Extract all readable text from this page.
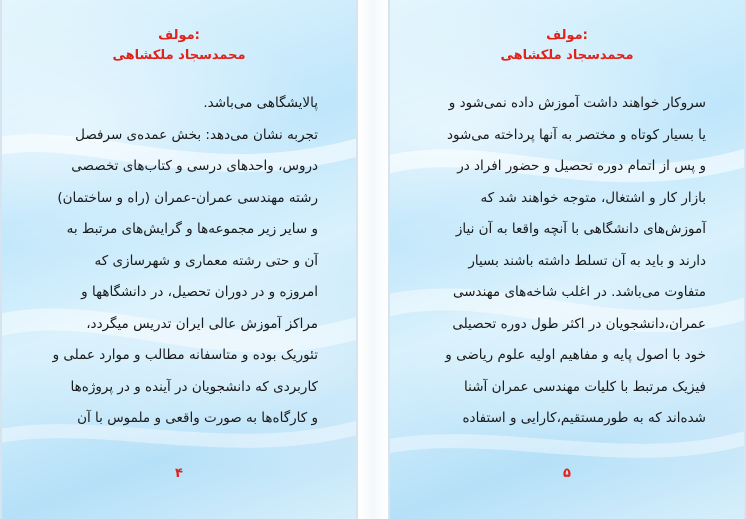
مولف:
محمدسجاد ملکشاهی

پالایشگاهی می‌باشد.

تجربه نشان می‌دهد: بخش عمده‌ی سرفصل

دروس، واحدهای درسی و کتاب‌های تخصصی

رشته مهندسی عمران-عمران (راه و ساختمان)

و سایر زیر مجموعه‌ها و گرایش‌های مرتبط به

آن و حتی رشته معماری و شهرسازی که

امروزه و در دوران تحصیل، در دانشگاهها و

مراکز آموزش عالی ایران تدریس میگردد،

تئوریک بوده و متاسفانه مطالب و موارد عملی و

کاربردی که دانشجویان در آینده و در پروژه‌ها

و کارگاه‌ها به صورت واقعی و ملموس با آن

۴
مولف:
محمدسجاد ملکشاهی

سروکار خواهند داشت آموزش داده نمی‌شود و

یا بسیار کوتاه و مختصر به آنها پرداخته می‌شود

و پس از اتمام دوره تحصیل و حضور افراد در

بازار کار و اشتغال، متوجه خواهند شد که

آموزش‌های دانشگاهی با آنچه واقعا به آن نیاز

دارند و باید به آن تسلط داشته باشند بسیار

متفاوت می‌باشد. در اغلب شاخه‌های مهندسی

عمران،دانشجویان در اکثر طول دوره تحصیلی

خود با اصول پایه و مفاهیم اولیه علوم ریاضی و

فیزیک مرتبط با کلیات مهندسی عمران آشنا

شده‌اند که به طورمستقیم،کارایی و استفاده

۵
